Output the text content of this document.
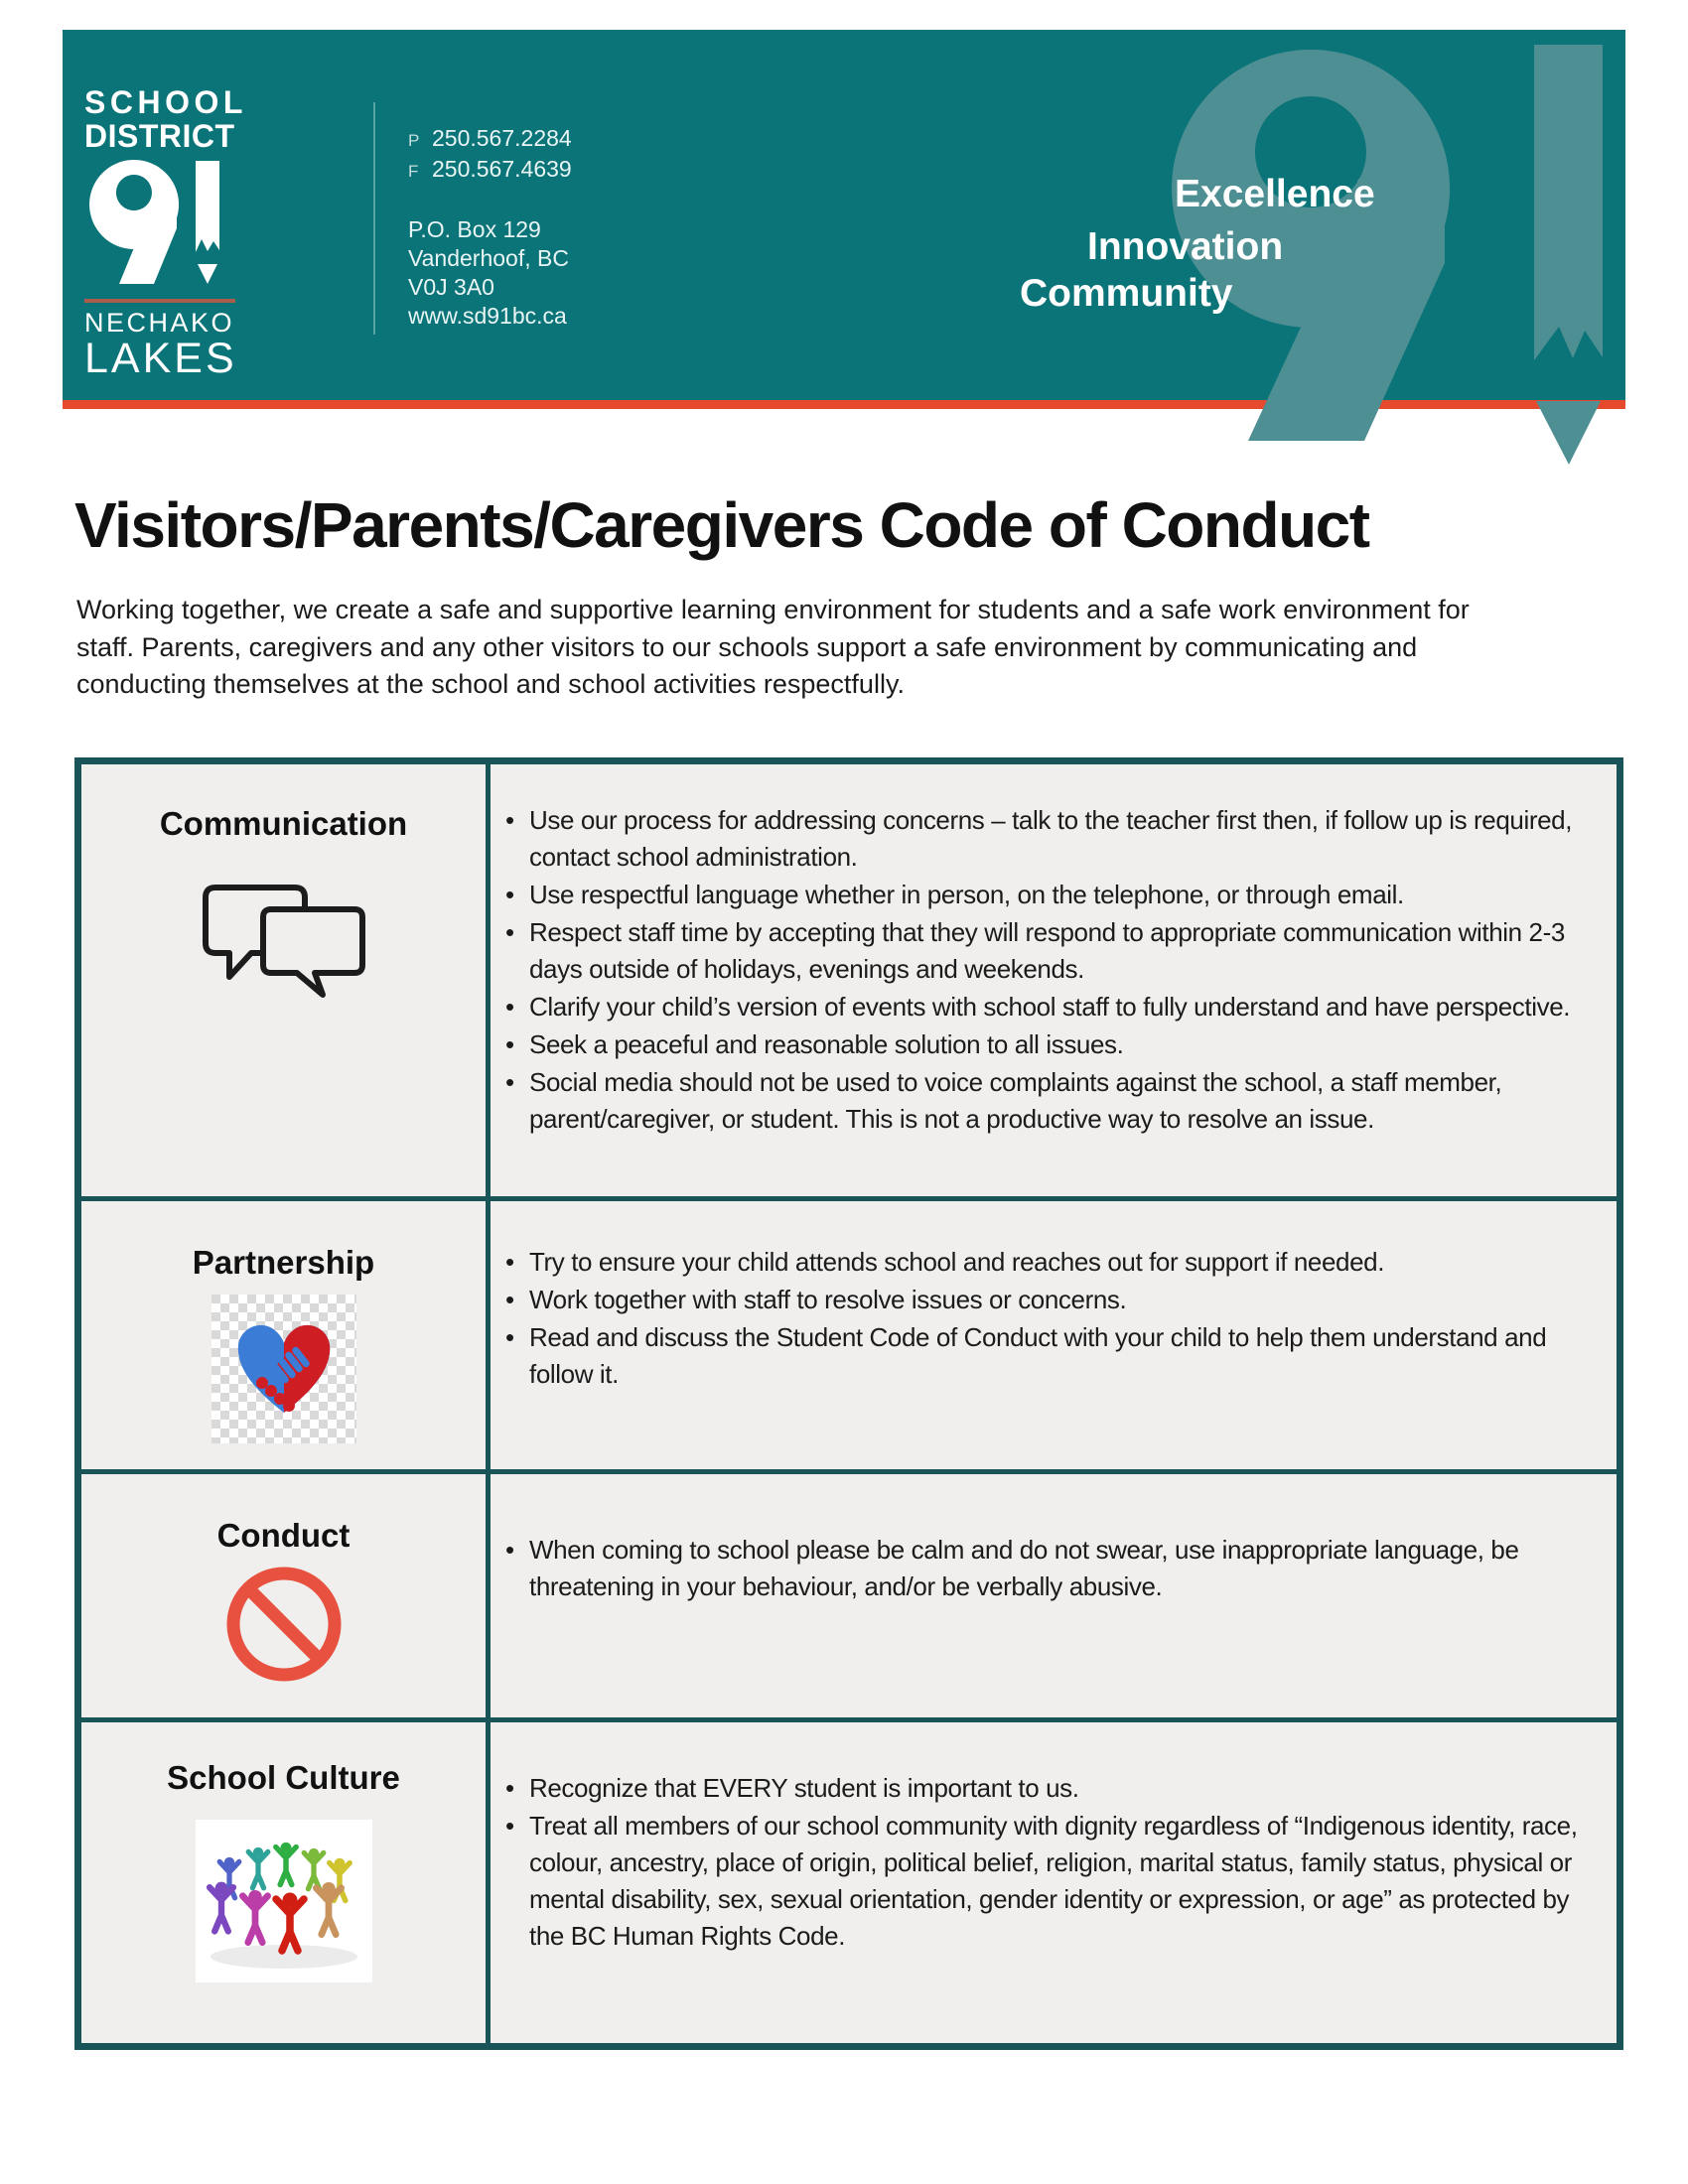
SCHOOL
DISTRICT
NECHAKO
LAKES
P 250.567.2284
F 250.567.4639
P.O. Box 129
Vanderhoof, BC
V0J 3A0
www.sd91bc.ca
Excellence
Innovation
Community
Visitors/Parents/Caregivers Code of Conduct

Working together, we create a safe and supportive learning environment for students and a safe work environment for staff. Parents, caregivers and any other visitors to our schools support a safe environment by communicating and conducting themselves at the school and school activities respectfully.

Communication	• Use our process for addressing concerns – talk to the teacher first then, if follow up is required, contact school administration.
• Use respectful language whether in person, on the telephone, or through email.
• Respect staff time by accepting that they will respond to appropriate communication within 2-3 days outside of holidays, evenings and weekends.
• Clarify your child’s version of events with school staff to fully understand and have perspective.
• Seek a peaceful and reasonable solution to all issues.
• Social media should not be used to voice complaints against the school, a staff member, parent/caregiver, or student. This is not a productive way to resolve an issue.
Partnership	• Try to ensure your child attends school and reaches out for support if needed.
• Work together with staff to resolve issues or concerns.
• Read and discuss the Student Code of Conduct with your child to help them understand and follow it.
Conduct	• When coming to school please be calm and do not swear, use inappropriate language, be threatening in your behaviour, and/or be verbally abusive.
School Culture	• Recognize that EVERY student is important to us.
• Treat all members of our school community with dignity regardless of “Indigenous identity, race, colour, ancestry, place of origin, political belief, religion, marital status, family status, physical or mental disability, sex, sexual orientation, gender identity or expression, or age” as protected by the BC Human Rights Code.
